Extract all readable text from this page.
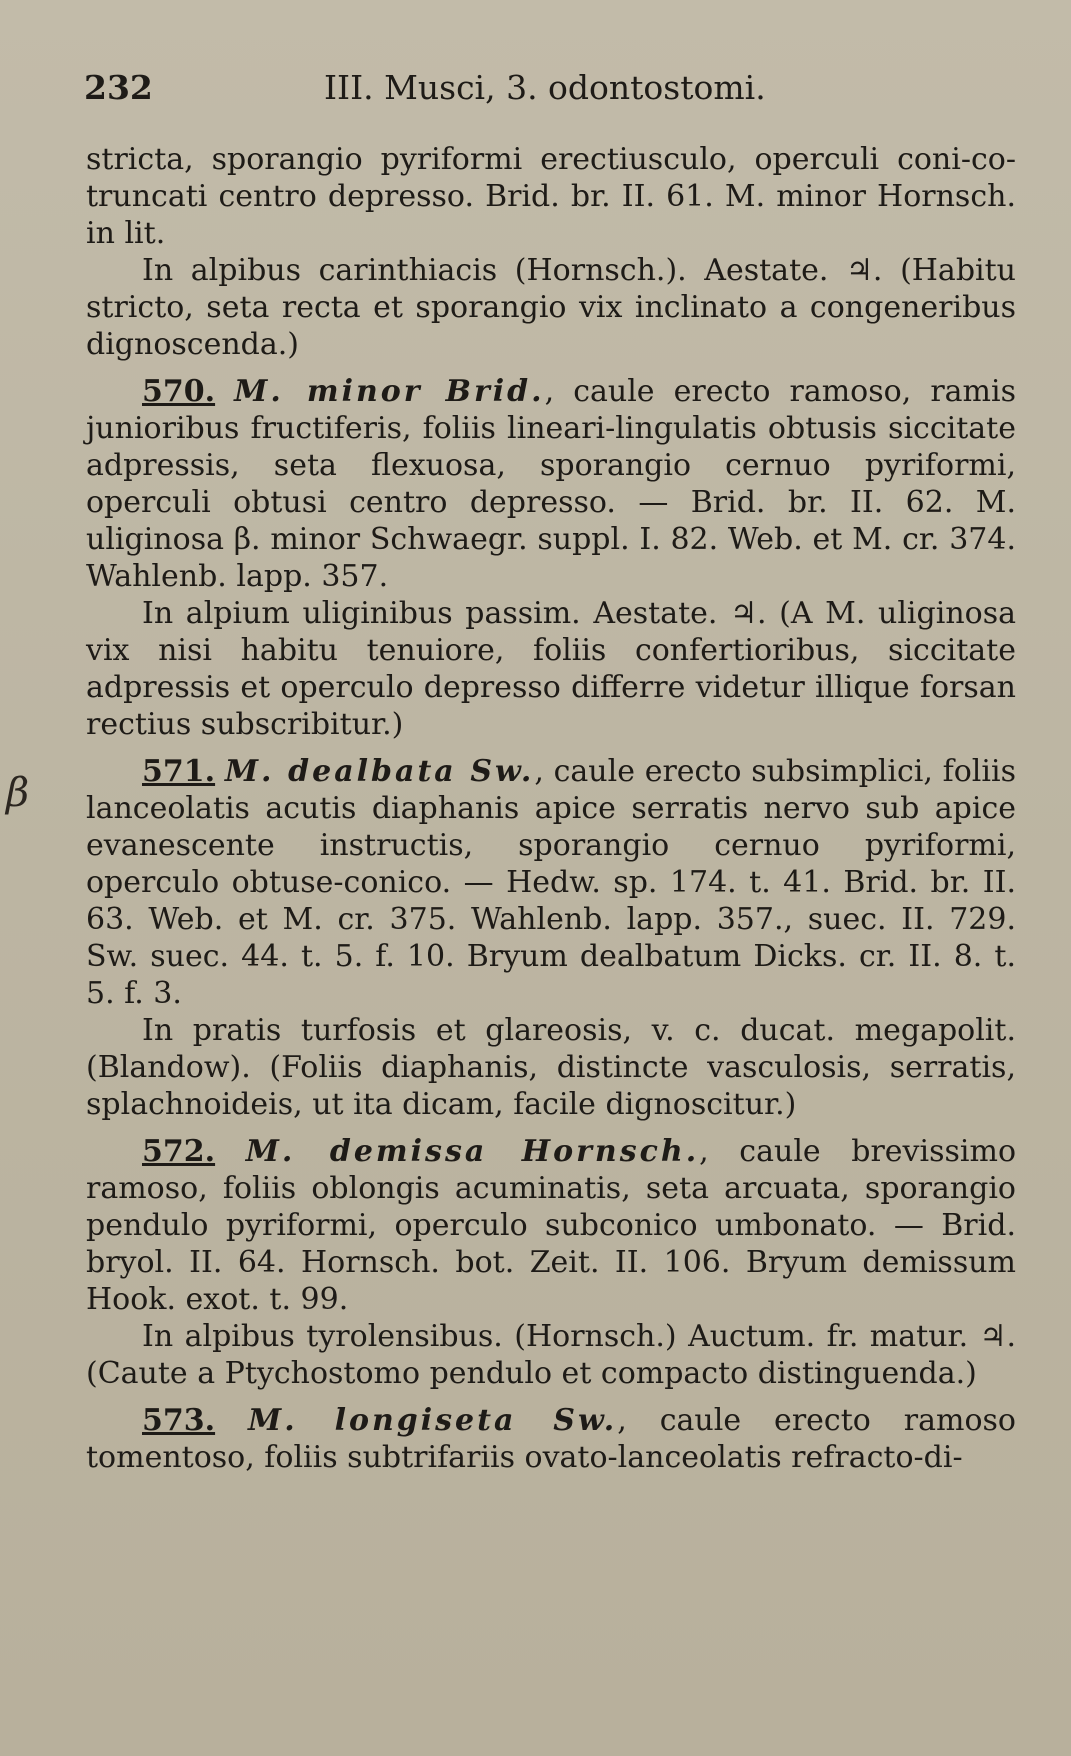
232	III. Musci, 3. odontostomi.
β

stricta, sporangio pyriformi erectiusculo, operculi coni-co-truncati centro depresso. Brid. br. II. 61. M. minor Hornsch. in lit.

In alpibus carinthiacis (Hornsch.). Aestate. ♃. (Habitu stricto, seta recta et sporangio vix inclinato a congeneribus dignoscenda.)

570. M. minor Brid., caule erecto ramoso, ramis junioribus fructiferis, foliis lineari-lingulatis obtusis siccitate adpressis, seta flexuosa, sporangio cernuo pyriformi, operculi obtusi centro depresso. — Brid. br. II. 62. M. uliginosa β. minor Schwaegr. suppl. I. 82. Web. et M. cr. 374. Wahlenb. lapp. 357.

In alpium uliginibus passim. Aestate. ♃. (A M. uliginosa vix nisi habitu tenuiore, foliis confertioribus, siccitate adpressis et operculo depresso differre videtur illique forsan rectius subscribitur.)

571. M. dealbata Sw., caule erecto subsimplici, foliis lanceolatis acutis diaphanis apice serratis nervo sub apice evanescente instructis, sporangio cernuo pyriformi, operculo obtuse-conico. — Hedw. sp. 174. t. 41. Brid. br. II. 63. Web. et M. cr. 375. Wahlenb. lapp. 357., suec. II. 729. Sw. suec. 44. t. 5. f. 10. Bryum dealbatum Dicks. cr. II. 8. t. 5. f. 3.

In pratis turfosis et glareosis, v. c. ducat. megapolit. (Blandow). (Foliis diaphanis, distincte vasculosis, serratis, splachnoideis, ut ita dicam, facile dignoscitur.)

572. M. demissa Hornsch., caule brevissimo ramoso, foliis oblongis acuminatis, seta arcuata, sporangio pendulo pyriformi, operculo subconico umbonato. — Brid. bryol. II. 64. Hornsch. bot. Zeit. II. 106. Bryum demissum Hook. exot. t. 99.

In alpibus tyrolensibus. (Hornsch.) Auctum. fr. matur. ♃. (Caute a Ptychostomo pendulo et compacto distinguenda.)

573. M. longiseta Sw., caule erecto ramoso tomentoso, foliis subtrifariis ovato-lanceolatis refracto-di-
